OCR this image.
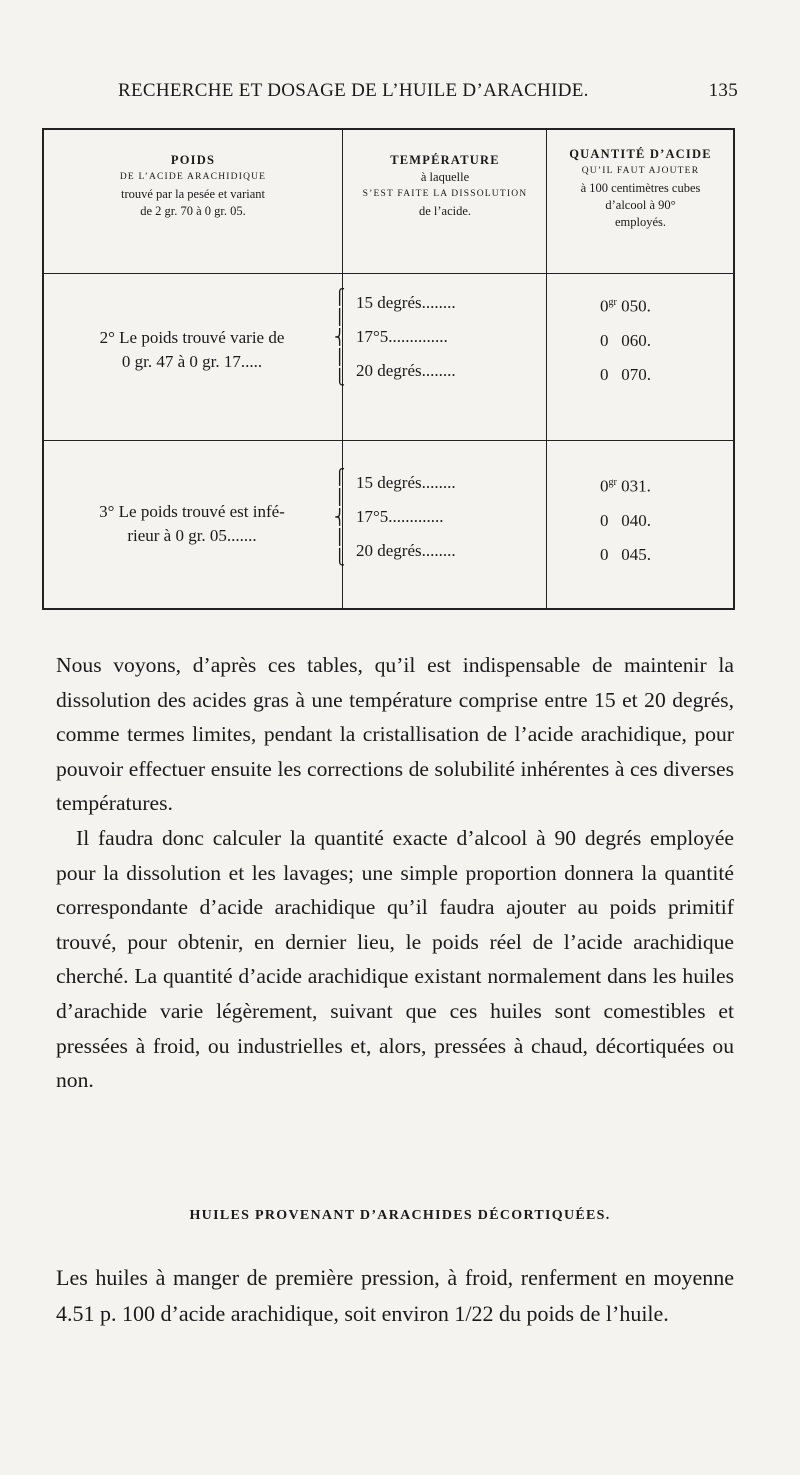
RECHERCHE ET DOSAGE DE L’HUILE D’ARACHIDE.	135
POIDS
DE L’ACIDE ARACHIDIQUE
trouvé par la pesée et variant
de 2 gr. 70 à 0 gr. 05.
TEMPÉRATURE
à laquelle
S’EST FAITE LA DISSOLUTION
de l’acide.
QUANTITÉ D’ACIDE
QU’IL FAUT AJOUTER
à 100 centimètres cubes
d’alcool à 90°
employés.
2° Le poids trouvé varie de
0 gr. 47 à 0 gr. 17.....
⎧
⎪
⎨
⎪
⎩
15 degrés........
17°5..............
20 degrés........
$0^{gr}$ 050.
0 060.
0 070.
3° Le poids trouvé est infé-
rieur à 0 gr. 05.......
⎧
⎪
⎨
⎪
⎩
15 degrés........
17°5.............
20 degrés........
$0^{gr}$ 031.
0 040.
0 045.

Nous voyons, d’après ces tables, qu’il est indispensable de maintenir la dissolution des acides gras à une température comprise entre 15 et 20 degrés, comme termes limites, pendant la cristallisation de l’acide arachidique, pour pouvoir effectuer ensuite les corrections de solubilité inhérentes à ces diverses températures.

Il faudra donc calculer la quantité exacte d’alcool à 90 degrés employée pour la dissolution et les lavages; une simple proportion donnera la quantité correspondante d’acide arachidique qu’il faudra ajouter au poids primitif trouvé, pour obtenir, en dernier lieu, le poids réel de l’acide arachidique cherché. La quantité d’acide arachidique existant normalement dans les huiles d’arachide varie légèrement, suivant que ces huiles sont comestibles et pressées à froid, ou industrielles et, alors, pressées à chaud, décortiquées ou non.

HUILES PROVENANT D’ARACHIDES DÉCORTIQUÉES.
Les huiles à manger de première pression, à froid, renferment en moyenne 4.51 p. 100 d’acide arachidique, soit environ 1/22 du poids de l’huile.
